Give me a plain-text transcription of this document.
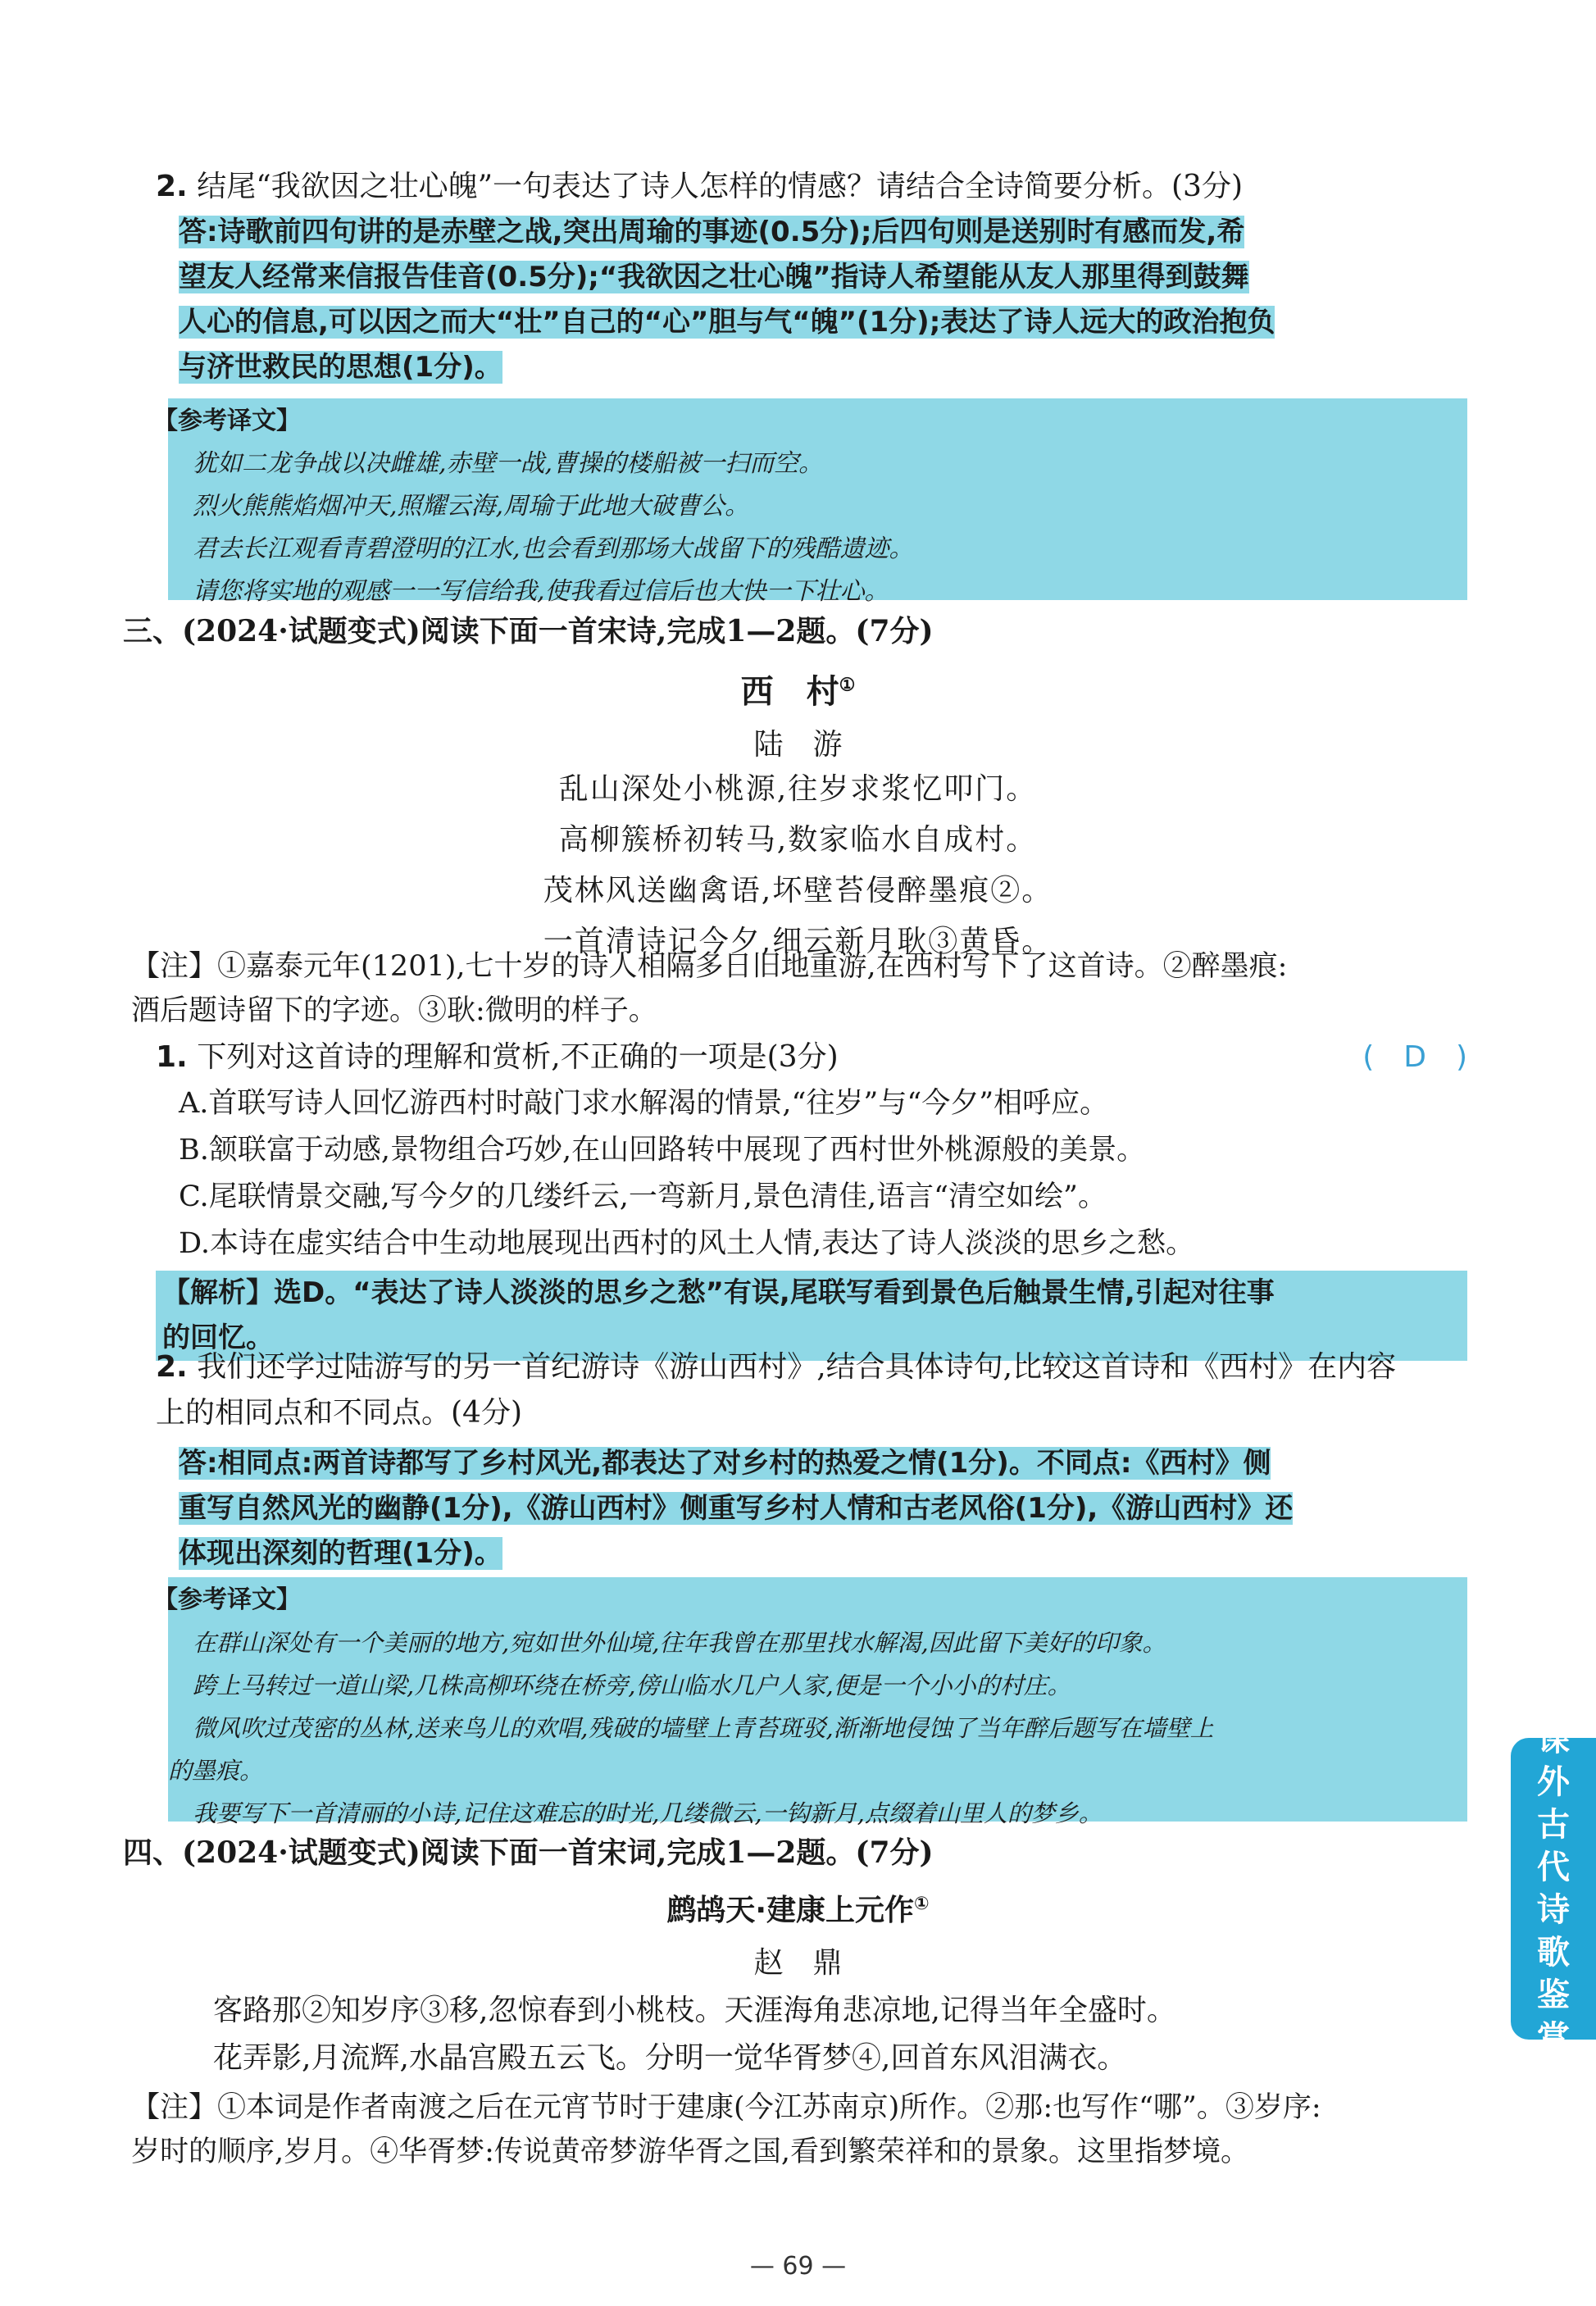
2. 结尾“我欲因之壮心魄”一句表达了诗人怎样的情感？请结合全诗简要分析。(3分)
答:诗歌前四句讲的是赤壁之战,突出周瑜的事迹(0.5分);后四句则是送别时有感而发,希
望友人经常来信报告佳音(0.5分);“我欲因之壮心魄”指诗人希望能从友人那里得到鼓舞
人心的信息,可以因之而大“壮”自己的“心”胆与气“魄”(1分);表达了诗人远大的政治抱负
与济世救民的思想(1分)。
【参考译文】
犹如二龙争战以决雌雄,赤壁一战,曹操的楼船被一扫而空。
烈火熊熊焰烟冲天,照耀云海,周瑜于此地大破曹公。
君去长江观看青碧澄明的江水,也会看到那场大战留下的残酷遗迹。
请您将实地的观感一一写信给我,使我看过信后也大快一下壮心。
三、(2024·试题变式)阅读下面一首宋诗,完成1—2题。(7分)
西　村①
陆　游
乱山深处小桃源,往岁求浆忆叩门。
高柳簇桥初转马,数家临水自成村。
茂林风送幽禽语,坏壁苔侵醉墨痕②。
一首清诗记今夕,细云新月耿③黄昏。
【注】①嘉泰元年(1201),七十岁的诗人相隔多日旧地重游,在西村写下了这首诗。②醉墨痕:
酒后题诗留下的字迹。③耿:微明的样子。
1. 下列对这首诗的理解和赏析,不正确的一项是(3分)	(　D　)
A.首联写诗人回忆游西村时敲门求水解渴的情景,“往岁”与“今夕”相呼应。
B.颔联富于动感,景物组合巧妙,在山回路转中展现了西村世外桃源般的美景。
C.尾联情景交融,写今夕的几缕纤云,一弯新月,景色清佳,语言“清空如绘”。
D.本诗在虚实结合中生动地展现出西村的风土人情,表达了诗人淡淡的思乡之愁。
【解析】选D。“表达了诗人淡淡的思乡之愁”有误,尾联写看到景色后触景生情,引起对往事
的回忆。
2. 我们还学过陆游写的另一首纪游诗《游山西村》,结合具体诗句,比较这首诗和《西村》在内容
上的相同点和不同点。(4分)
答:相同点:两首诗都写了乡村风光,都表达了对乡村的热爱之情(1分)。不同点:《西村》侧
重写自然风光的幽静(1分),《游山西村》侧重写乡村人情和古老风俗(1分),《游山西村》还
体现出深刻的哲理(1分)。
【参考译文】
在群山深处有一个美丽的地方,宛如世外仙境,往年我曾在那里找水解渴,因此留下美好的印象。
跨上马转过一道山梁,几株高柳环绕在桥旁,傍山临水几户人家,便是一个小小的村庄。
微风吹过茂密的丛林,送来鸟儿的欢唱,残破的墙壁上青苔斑驳,渐渐地侵蚀了当年醉后题写在墙壁上
的墨痕。
我要写下一首清丽的小诗,记住这难忘的时光,几缕微云,一钩新月,点缀着山里人的梦乡。
四、(2024·试题变式)阅读下面一首宋词,完成1—2题。(7分)
鹧鸪天·建康上元作①
赵　鼎
客路那②知岁序③移,忽惊春到小桃枝。天涯海角悲凉地,记得当年全盛时。
花弄影,月流辉,水晶宫殿五云飞。分明一觉华胥梦④,回首东风泪满衣。
【注】①本词是作者南渡之后在元宵节时于建康(今江苏南京)所作。②那:也写作“哪”。③岁序:
岁时的顺序,岁月。④华胥梦:传说黄帝梦游华胥之国,看到繁荣祥和的景象。这里指梦境。
课
外
古
代
诗
歌
鉴
赏
— 69 —
